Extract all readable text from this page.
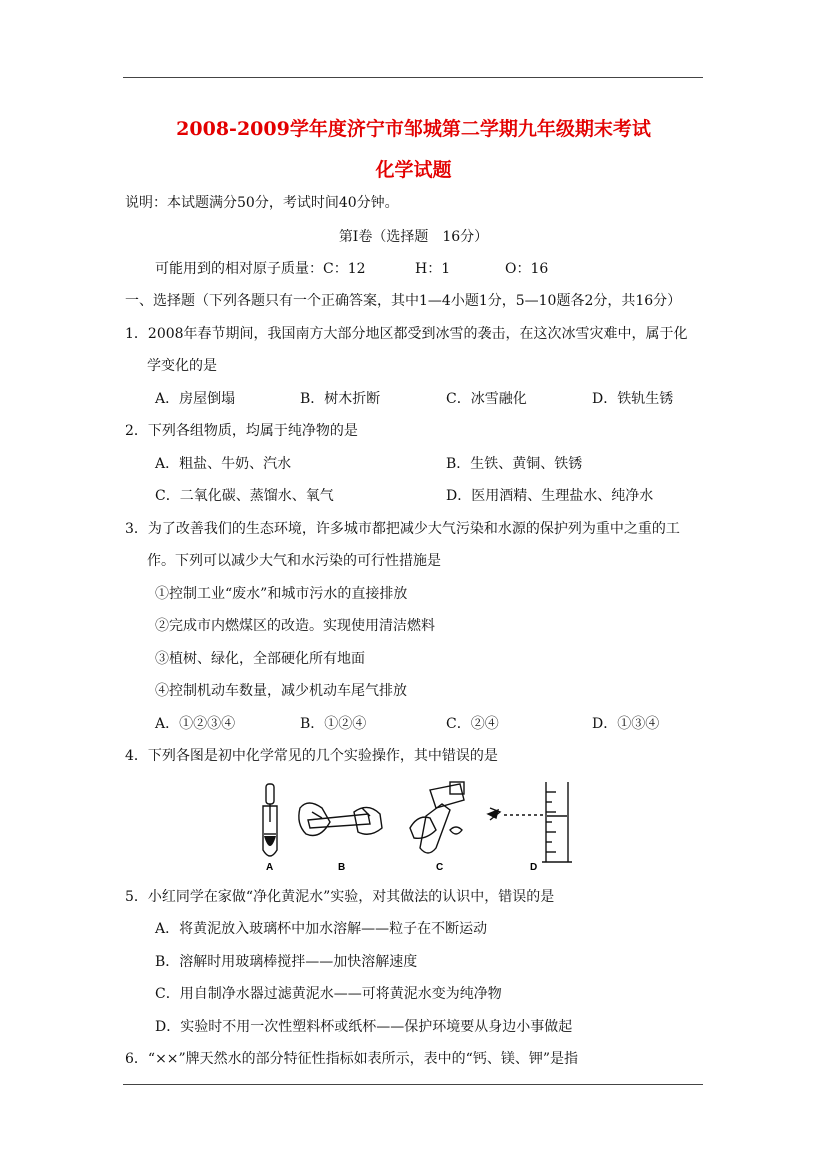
2008-2009学年度济宁市邹城第二学期九年级期末考试
化学试题
说明：本试题满分50分，考试时间40分钟。
第Ⅰ卷（选择题　16分）
可能用到的相对原子质量： C：12	H：1	O：16
一、选择题（下列各题只有一个正确答案，其中1—4小题1分，5—10题各2分，共16分）
1．2008年春节期间，我国南方大部分地区都受到冰雪的袭击，在这次冰雪灾难中，属于化
学变化的是
A．房屋倒塌	B．树木折断	C．冰雪融化	D．铁轨生锈
2．下列各组物质，均属于纯净物的是
A．粗盐、牛奶、汽水	B．生铁、黄铜、铁锈
C．二氧化碳、蒸馏水、氧气	D．医用酒精、生理盐水、纯净水
3．为了改善我们的生态环境，许多城市都把减少大气污染和水源的保护列为重中之重的工
作。下列可以减少大气和水污染的可行性措施是
①控制工业“废水”和城市污水的直接排放
②完成市内燃煤区的改造。实现使用清洁燃料
③植树、绿化，全部硬化所有地面
④控制机动车数量，减少机动车尾气排放
A．①②③④	B．①②④	C．②④	D．①③④
4．下列各图是初中化学常见的几个实验操作，其中错误的是
A	B	C	D
5．小红同学在家做“净化黄泥水”实验，对其做法的认识中，错误的是
A．将黄泥放入玻璃杯中加水溶解——粒子在不断运动
B．溶解时用玻璃棒搅拌——加快溶解速度
C．用自制净水器过滤黄泥水——可将黄泥水变为纯净物
D．实验时不用一次性塑料杯或纸杯——保护环境要从身边小事做起
6．“××”牌天然水的部分特征性指标如表所示，表中的“钙、镁、钾”是指
